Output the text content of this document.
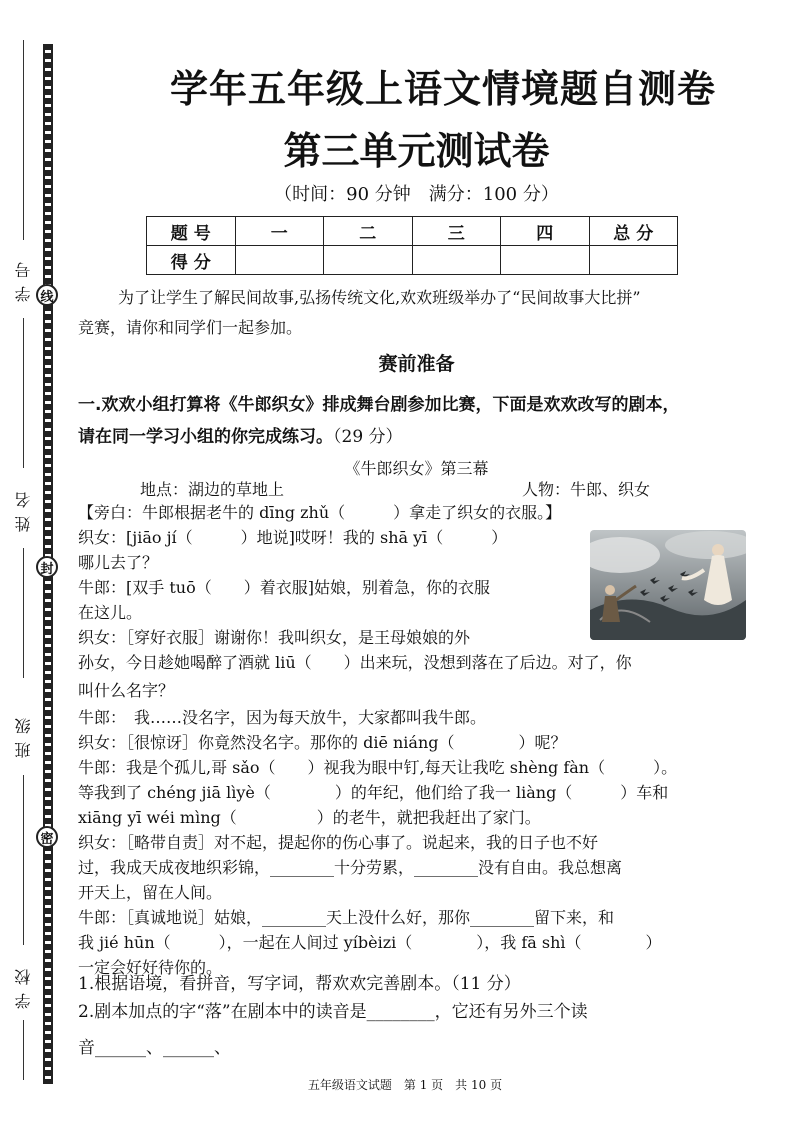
学号
姓名
班级
学校
线
封
密
学年五年级上语文情境题自测卷
第三单元测试卷
（时间：90 分钟　满分：100 分）
题 号	一	二	三	四	总 分
得 分					
为了让学生了解民间故事,弘扬传统文化,欢欢班级举办了“民间故事大比拼”
竞赛，请你和同学们一起参加。
赛前准备
一.欢欢小组打算将《牛郎织女》排成舞台剧参加比赛，下面是欢欢改写的剧本，
请在同一学习小组的你完成练习。（29 分）
《牛郎织女》第三幕
地点：湖边的草地上	人物：牛郎、织女
【旁白：牛郎根据老牛的 dīng zhǔ（　　　）拿走了织女的衣服。】
织女：[jiāo jí（　　　）地说]哎呀！我的 shā yī（　　　）
哪儿去了？
牛郎：[双手 tuō（　　）着衣服]姑娘，别着急，你的衣服
在这儿。
织女：［穿好衣服］谢谢你！我叫织女，是王母娘娘的外
孙女，今日趁她喝醉了酒就 liū（　　）出来玩，没想到落在了后边。对了，你
叫什么名字？
牛郎：　我……没名字，因为每天放牛，大家都叫我牛郎。
织女：［很惊讶］你竟然没名字。那你的 diē niáng（　　　　）呢？
牛郎：我是个孤儿,哥 sǎo（　　）视我为眼中钉,每天让我吃 shèng fàn（　　　）。
等我到了 chéng jiā lìyè（　　　　）的年纪，他们给了我一 liàng（　　　）车和
xiāng yī wéi mìng（　　　　　）的老牛，就把我赶出了家门。
织女：［略带自责］对不起，提起你的伤心事了。说起来，我的日子也不好
过，我成天成夜地织彩锦，________十分劳累，________没有自由。我总想离
开天上，留在人间。
牛郎：［真诚地说］姑娘，________天上没什么好，那你________留下来，和
我 jié hūn（　　　），一起在人间过 yíbèizi（　　　　），我 fā shì（　　　　）
一定会好好待你的。
1.根据语境，看拼音，写字词，帮欢欢完善剧本。（11 分）
2.剧本加点的字“落”在剧本中的读音是________，它还有另外三个读
音______、______、
五年级语文试题　第 1 页　共 10 页
